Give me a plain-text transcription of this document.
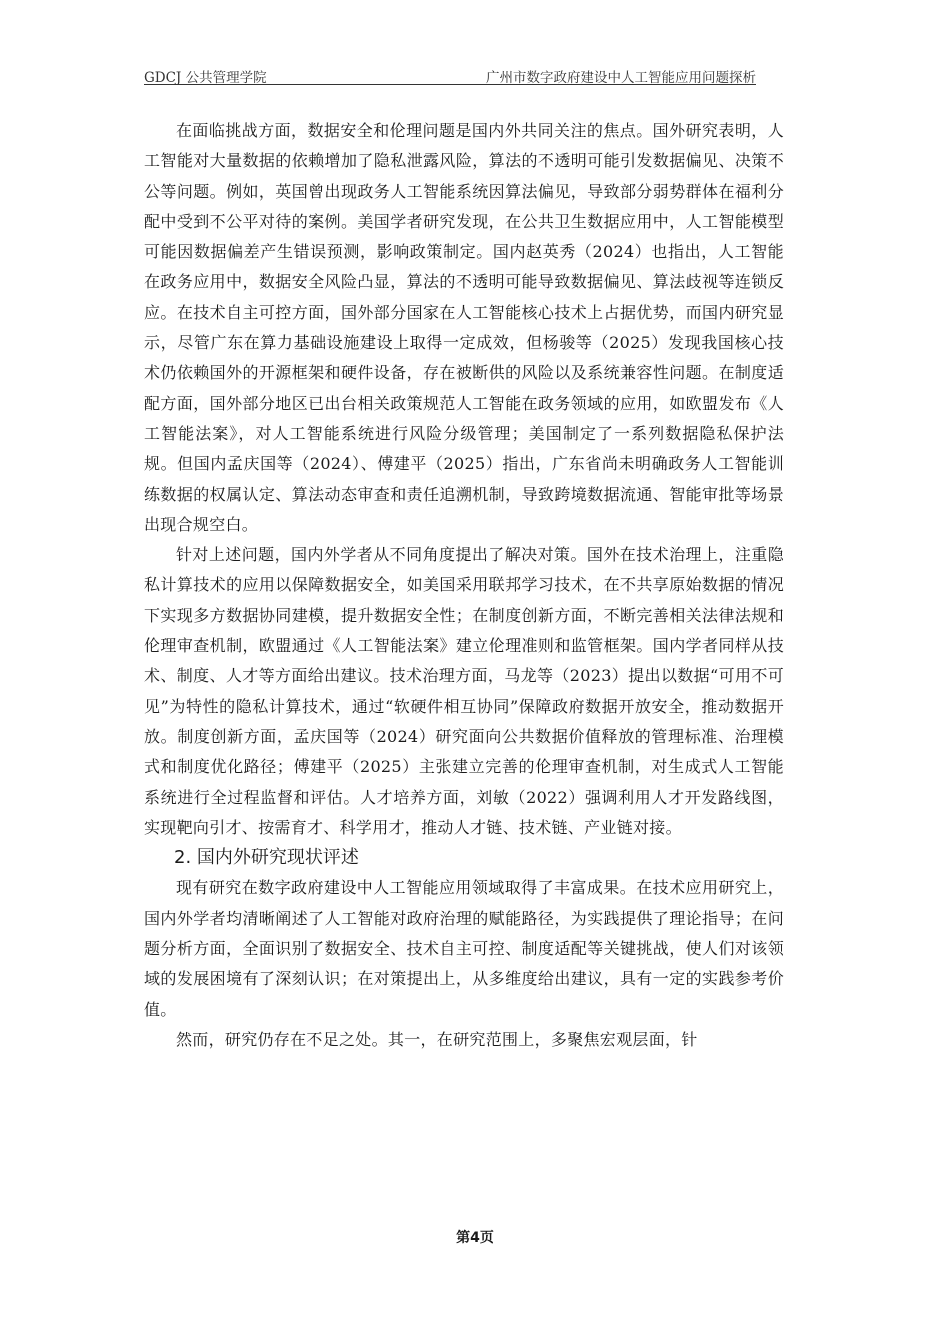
GDCJ 公共管理学院	广州市数字政府建设中人工智能应用问题探析

在面临挑战方面，数据安全和伦理问题是国内外共同关注的焦点。国外研究表明，人工智能对大量数据的依赖增加了隐私泄露风险，算法的不透明可能引发数据偏见、决策不公等问题。例如，英国曾出现政务人工智能系统因算法偏见，导致部分弱势群体在福利分配中受到不公平对待的案例。美国学者研究发现，在公共卫生数据应用中，人工智能模型可能因数据偏差产生错误预测，影响政策制定。国内赵英秀（2024）也指出，人工智能在政务应用中，数据安全风险凸显，算法的不透明可能导致数据偏见、算法歧视等连锁反应。在技术自主可控方面，国外部分国家在人工智能核心技术上占据优势，而国内研究显示，尽管广东在算力基础设施建设上取得一定成效，但杨骏等（2025）发现我国核心技术仍依赖国外的开源框架和硬件设备，存在被断供的风险以及系统兼容性问题。在制度适配方面，国外部分地区已出台相关政策规范人工智能在政务领域的应用，如欧盟发布《人工智能法案》，对人工智能系统进行风险分级管理；美国制定了一系列数据隐私保护法规。但国内孟庆国等（2024）、傅建平（2025）指出，广东省尚未明确政务人工智能训练数据的权属认定、算法动态审查和责任追溯机制，导致跨境数据流通、智能审批等场景出现合规空白。

针对上述问题，国内外学者从不同角度提出了解决对策。国外在技术治理上，注重隐私计算技术的应用以保障数据安全，如美国采用联邦学习技术，在不共享原始数据的情况下实现多方数据协同建模，提升数据安全性；在制度创新方面，不断完善相关法律法规和伦理审查机制，欧盟通过《人工智能法案》建立伦理准则和监管框架。国内学者同样从技术、制度、人才等方面给出建议。技术治理方面，马龙等（2023）提出以数据“可用不可见”为特性的隐私计算技术，通过“软硬件相互协同”保障政府数据开放安全，推动数据开放。制度创新方面，孟庆国等（2024）研究面向公共数据价值释放的管理标准、治理模式和制度优化路径；傅建平（2025）主张建立完善的伦理审查机制，对生成式人工智能系统进行全过程监督和评估。人才培养方面，刘敏（2022）强调利用人才开发路线图，实现靶向引才、按需育才、科学用才，推动人才链、技术链、产业链对接。

2. 国内外研究现状评述

现有研究在数字政府建设中人工智能应用领域取得了丰富成果。在技术应用研究上，国内外学者均清晰阐述了人工智能对政府治理的赋能路径，为实践提供了理论指导；在问题分析方面，全面识别了数据安全、技术自主可控、制度适配等关键挑战，使人们对该领域的发展困境有了深刻认识；在对策提出上，从多维度给出建议，具有一定的实践参考价值。

然而，研究仍存在不足之处。其一，在研究范围上，多聚焦宏观层面，针

第4页
